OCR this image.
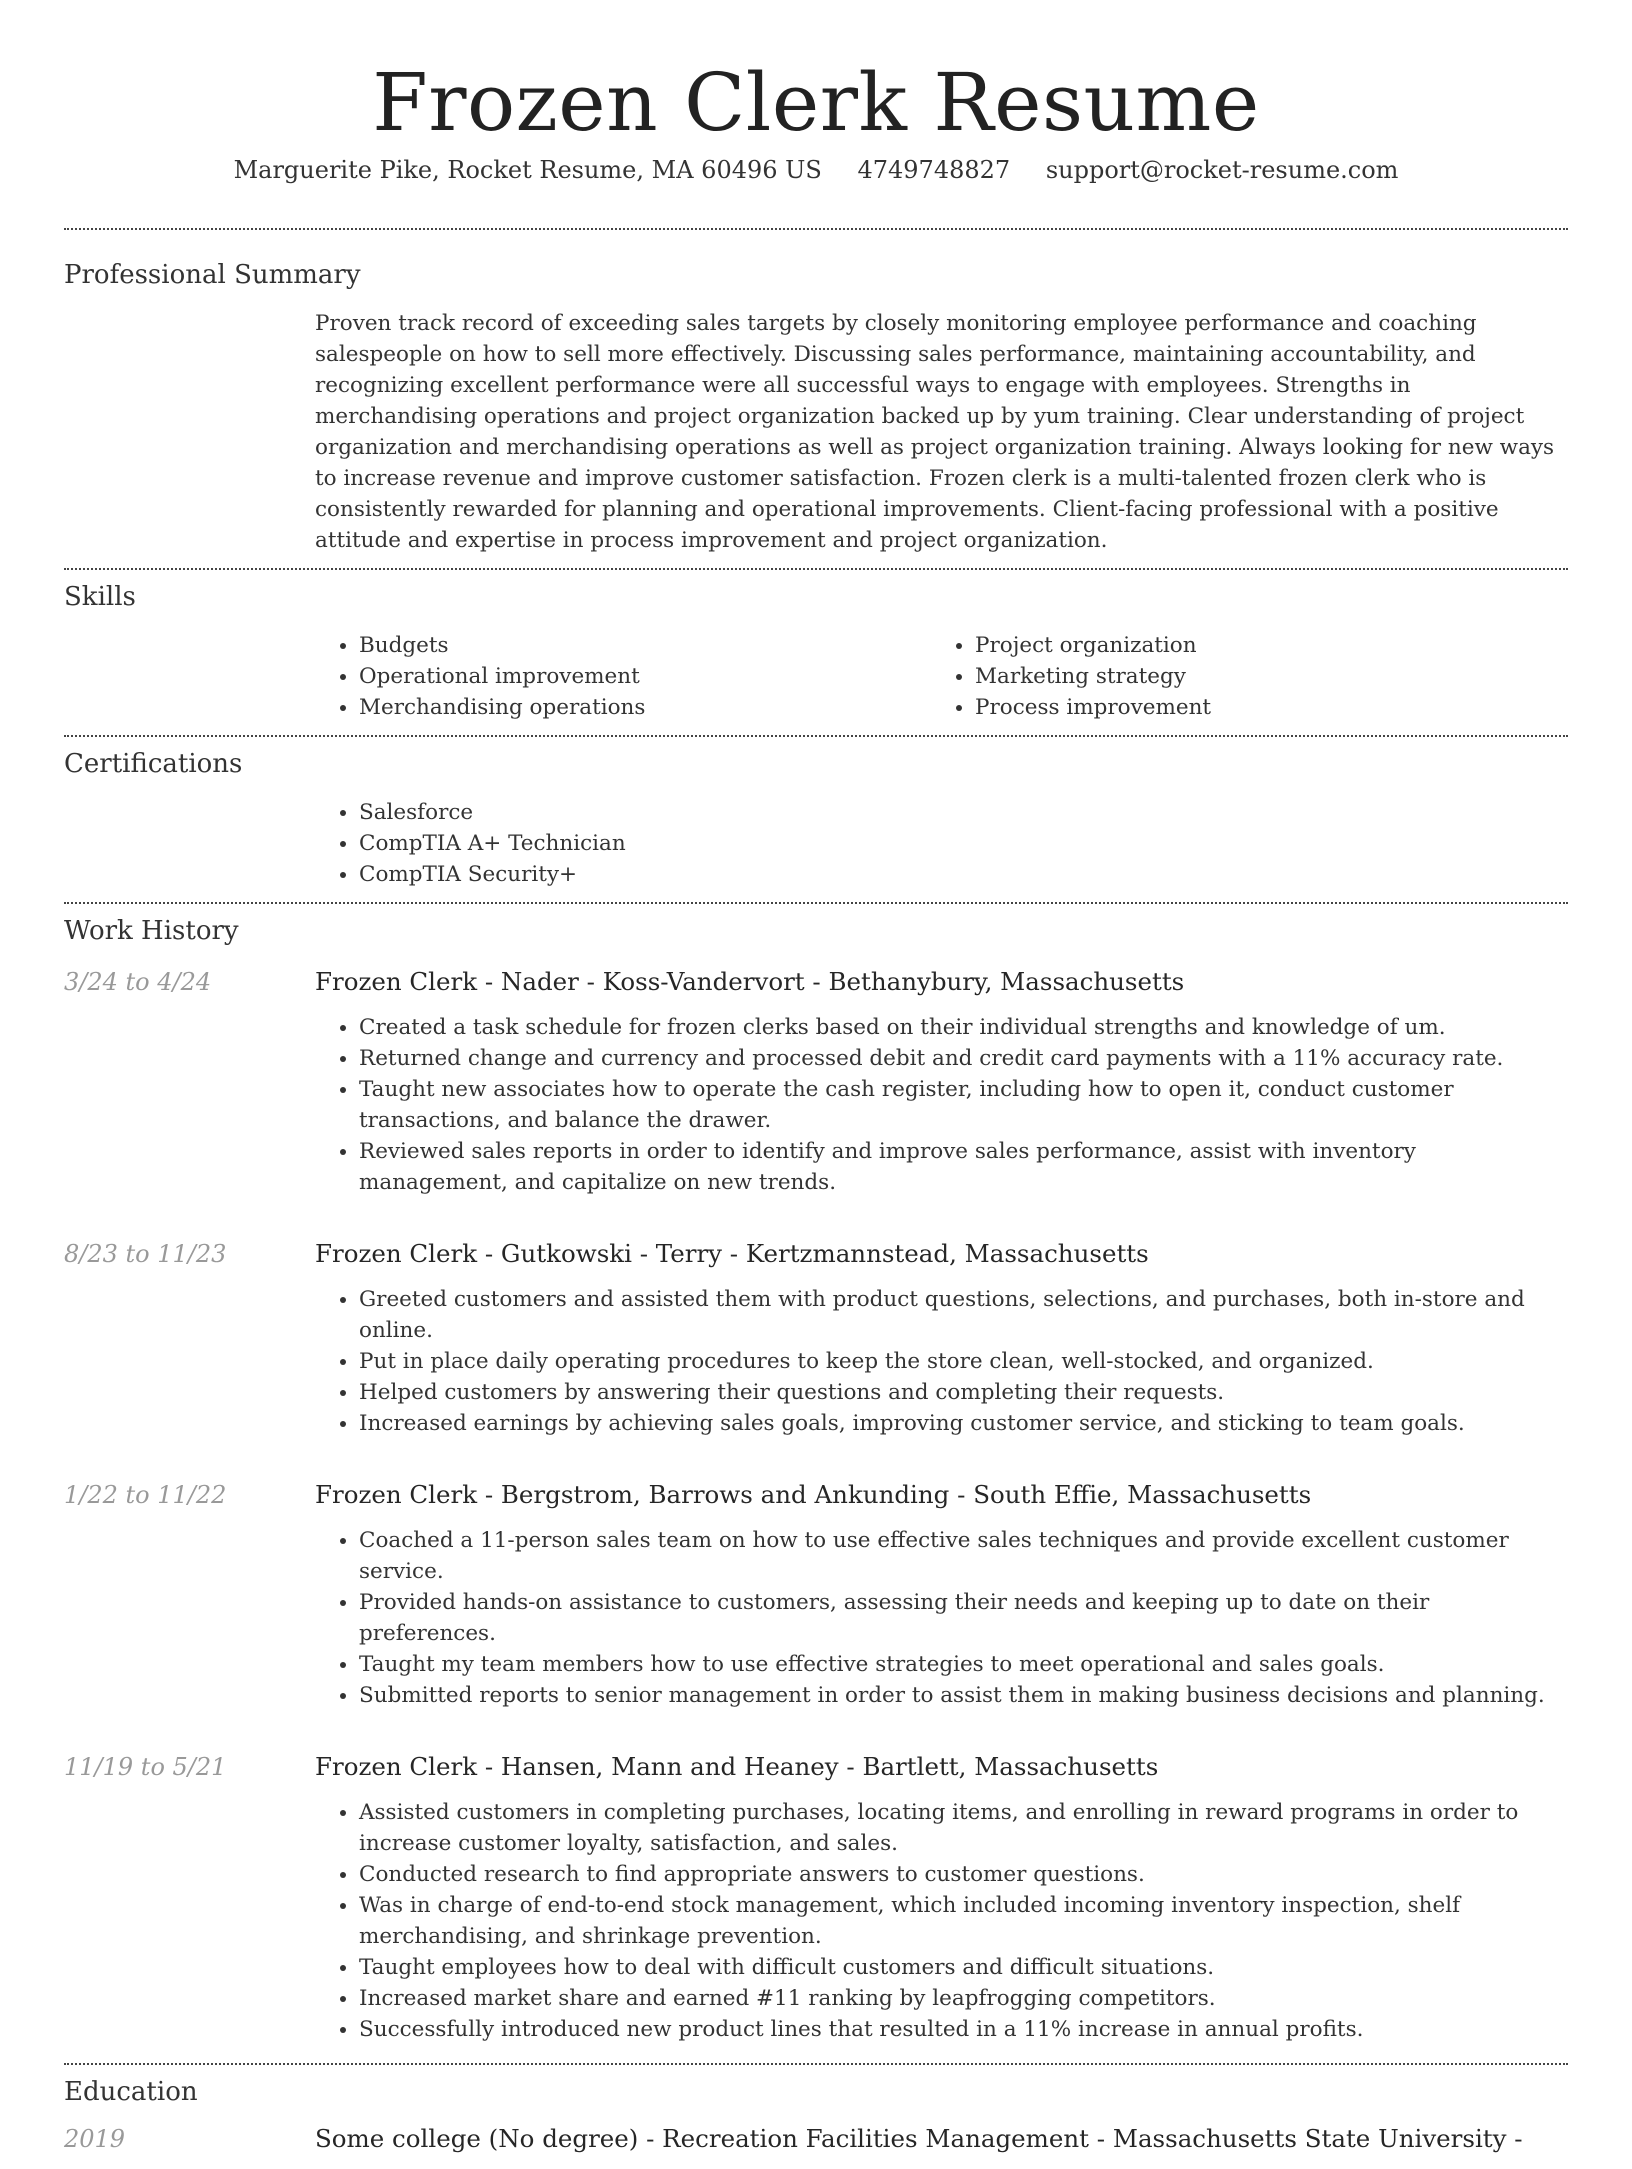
Frozen Clerk Resume
Marguerite Pike, Rocket Resume, MA 60496 US 4749748827 support@rocket-resume.com
Professional Summary
Proven track record of exceeding sales targets by closely monitoring employee performance and coaching salespeople on how to sell more effectively. Discussing sales performance, maintaining accountability, and recognizing excellent performance were all successful ways to engage with employees. Strengths in merchandising operations and project organization backed up by yum training. Clear understanding of project organization and merchandising operations as well as project organization training. Always looking for new ways to increase revenue and improve customer satisfaction. Frozen clerk is a multi-talented frozen clerk who is consistently rewarded for planning and operational improvements. Client-facing professional with a positive attitude and expertise in process improvement and project organization.
Skills
• Budgets
• Operational improvement
• Merchandising operations
• Project organization
• Marketing strategy
• Process improvement
Certifications
• Salesforce
• CompTIA A+ Technician
• CompTIA Security+
Work History
3/24 to 4/24	Frozen Clerk - Nader - Koss-Vandervort - Bethanybury, Massachusetts
• Created a task schedule for frozen clerks based on their individual strengths and knowledge of um.
• Returned change and currency and processed debit and credit card payments with a 11% accuracy rate.
• Taught new associates how to operate the cash register, including how to open it, conduct customer transactions, and balance the drawer.
• Reviewed sales reports in order to identify and improve sales performance, assist with inventory management, and capitalize on new trends.
8/23 to 11/23	Frozen Clerk - Gutkowski - Terry - Kertzmannstead, Massachusetts
• Greeted customers and assisted them with product questions, selections, and purchases, both in-store and online.
• Put in place daily operating procedures to keep the store clean, well-stocked, and organized.
• Helped customers by answering their questions and completing their requests.
• Increased earnings by achieving sales goals, improving customer service, and sticking to team goals.
1/22 to 11/22	Frozen Clerk - Bergstrom, Barrows and Ankunding - South Effie, Massachusetts
• Coached a 11-person sales team on how to use effective sales techniques and provide excellent customer service.
• Provided hands-on assistance to customers, assessing their needs and keeping up to date on their preferences.
• Taught my team members how to use effective strategies to meet operational and sales goals.
• Submitted reports to senior management in order to assist them in making business decisions and planning.
11/19 to 5/21	Frozen Clerk - Hansen, Mann and Heaney - Bartlett, Massachusetts
• Assisted customers in completing purchases, locating items, and enrolling in reward programs in order to increase customer loyalty, satisfaction, and sales.
• Conducted research to find appropriate answers to customer questions.
• Was in charge of end-to-end stock management, which included incoming inventory inspection, shelf merchandising, and shrinkage prevention.
• Taught employees how to deal with difficult customers and difficult situations.
• Increased market share and earned #11 ranking by leapfrogging competitors.
• Successfully introduced new product lines that resulted in a 11% increase in annual profits.
Education
2019	Some college (No degree) - Recreation Facilities Management - Massachusetts State University -
